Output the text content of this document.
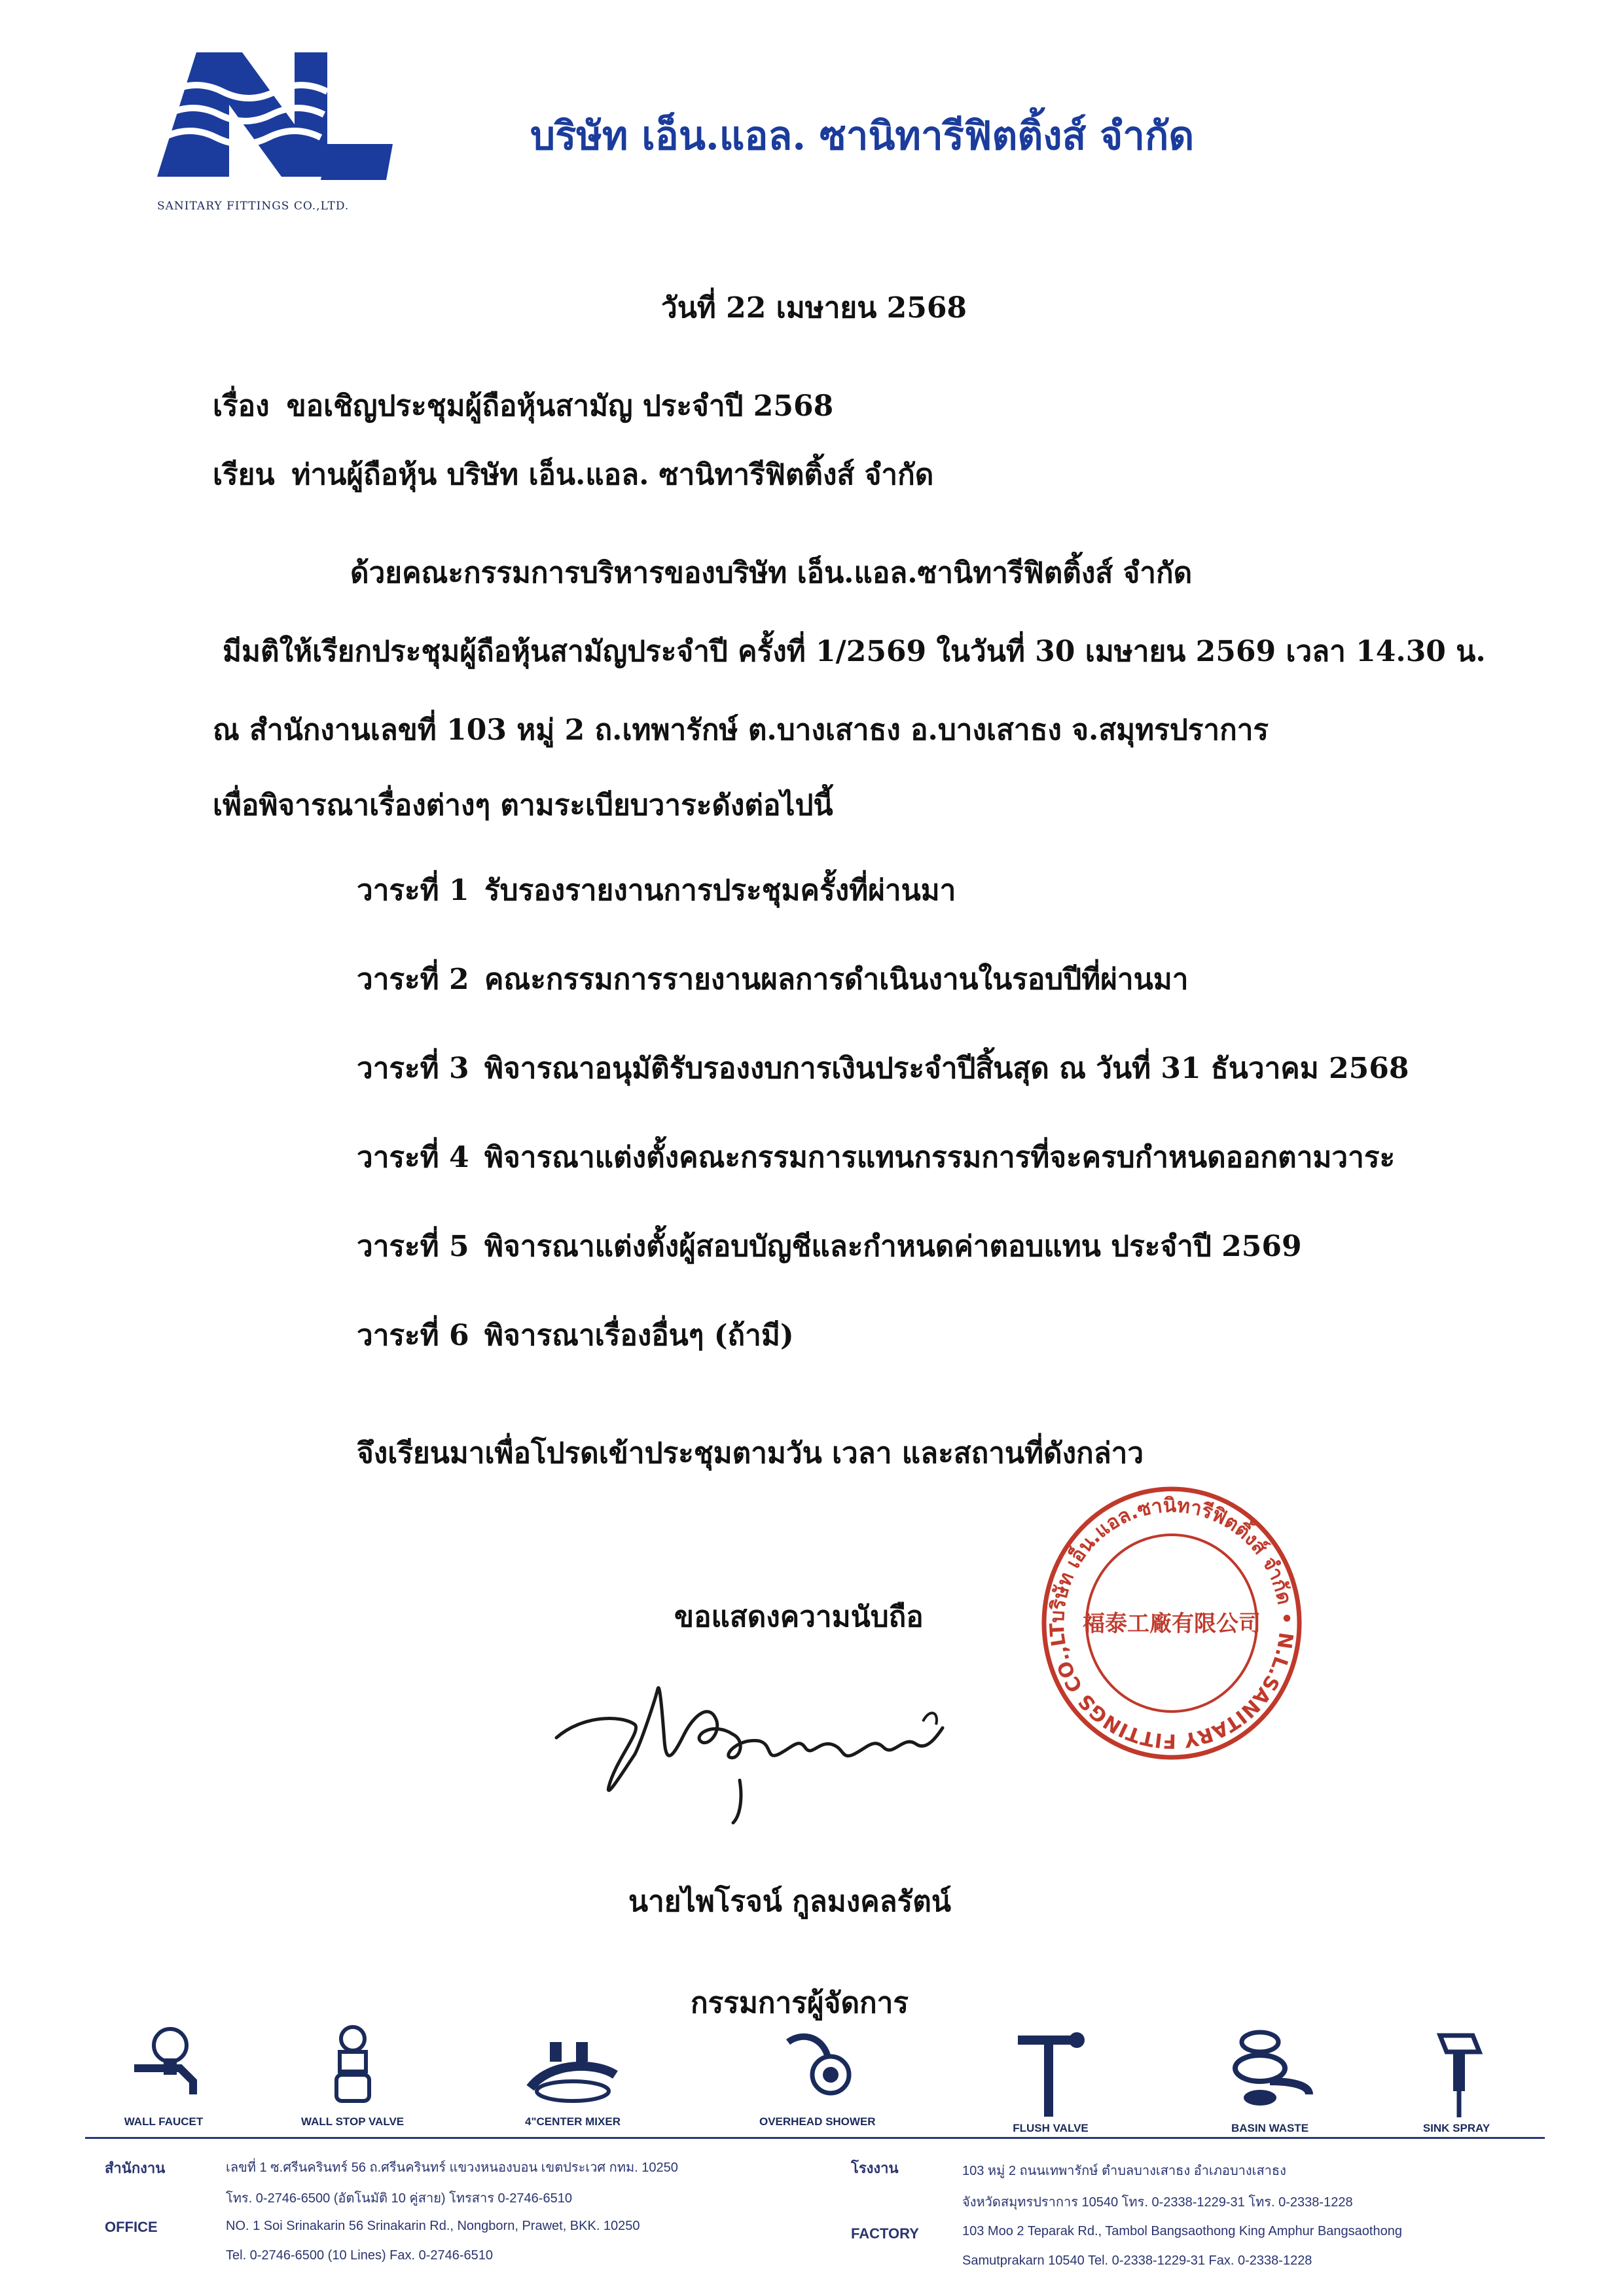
SANITARY FITTINGS CO.,LTD.
บริษัท เอ็น.แอล. ซานิทารีฟิตติ้งส์ จำกัด
วันที่ 22 เมษายน 2568
เรื่อง ขอเชิญประชุมผู้ถือหุ้นสามัญ ประจำปี 2568
เรียน ท่านผู้ถือหุ้น บริษัท เอ็น.แอล. ซานิทารีฟิตติ้งส์ จำกัด
ด้วยคณะกรรมการบริหารของบริษัท เอ็น.แอล.ซานิทารีฟิตติ้งส์ จำกัด
มีมติให้เรียกประชุมผู้ถือหุ้นสามัญประจำปี ครั้งที่ 1/2569 ในวันที่ 30 เมษายน 2569 เวลา 14.30 น.
ณ สำนักงานเลขที่ 103 หมู่ 2 ถ.เทพารักษ์ ต.บางเสาธง อ.บางเสาธง จ.สมุทรปราการ
เพื่อพิจารณาเรื่องต่างๆ ตามระเบียบวาระดังต่อไปนี้
วาระที่ 1 รับรองรายงานการประชุมครั้งที่ผ่านมา
วาระที่ 2 คณะกรรมการรายงานผลการดำเนินงานในรอบปีที่ผ่านมา
วาระที่ 3 พิจารณาอนุมัติรับรองงบการเงินประจำปีสิ้นสุด ณ วันที่ 31 ธันวาคม 2568
วาระที่ 4 พิจารณาแต่งตั้งคณะกรรมการแทนกรรมการที่จะครบกำหนดออกตามวาระ
วาระที่ 5 พิจารณาแต่งตั้งผู้สอบบัญชีและกำหนดค่าตอบแทน ประจำปี 2569
วาระที่ 6 พิจารณาเรื่องอื่นๆ (ถ้ามี)
จึงเรียนมาเพื่อโปรดเข้าประชุมตามวัน เวลา และสถานที่ดังกล่าว
บริษัท เอ็น.แอล.ซานิทารีฟิตติ้งส์ จำกัด • N.L.SANITARY FITTINGS CO.,LT 福泰工廠有限公司
ขอแสดงความนับถือ
นายไพโรจน์ กูลมงคลรัตน์
กรรมการผู้จัดการ
WALL FAUCET	WALL STOP VALVE	4"CENTER MIXER	OVERHEAD SHOWER
FLUSH VALVE	BASIN WASTE	SINK SPRAY
สำนักงาน
OFFICE
เลขที่ 1 ซ.ศรีนครินทร์ 56 ถ.ศรีนครินทร์ แขวงหนองบอน เขตประเวศ กทม. 10250
โทร. 0-2746-6500 (อัตโนมัติ 10 คู่สาย) โทรสาร 0-2746-6510
NO. 1 Soi Srinakarin 56 Srinakarin Rd., Nongborn, Prawet, BKK. 10250
Tel. 0-2746-6500 (10 Lines) Fax. 0-2746-6510
โรงงาน
FACTORY
103 หมู่ 2 ถนนเทพารักษ์ ตำบลบางเสาธง อำเภอบางเสาธง
จังหวัดสมุทรปราการ 10540 โทร. 0-2338-1229-31 โทร. 0-2338-1228
103 Moo 2 Teparak Rd., Tambol Bangsaothong King Amphur Bangsaothong
Samutprakarn 10540 Tel. 0-2338-1229-31 Fax. 0-2338-1228
